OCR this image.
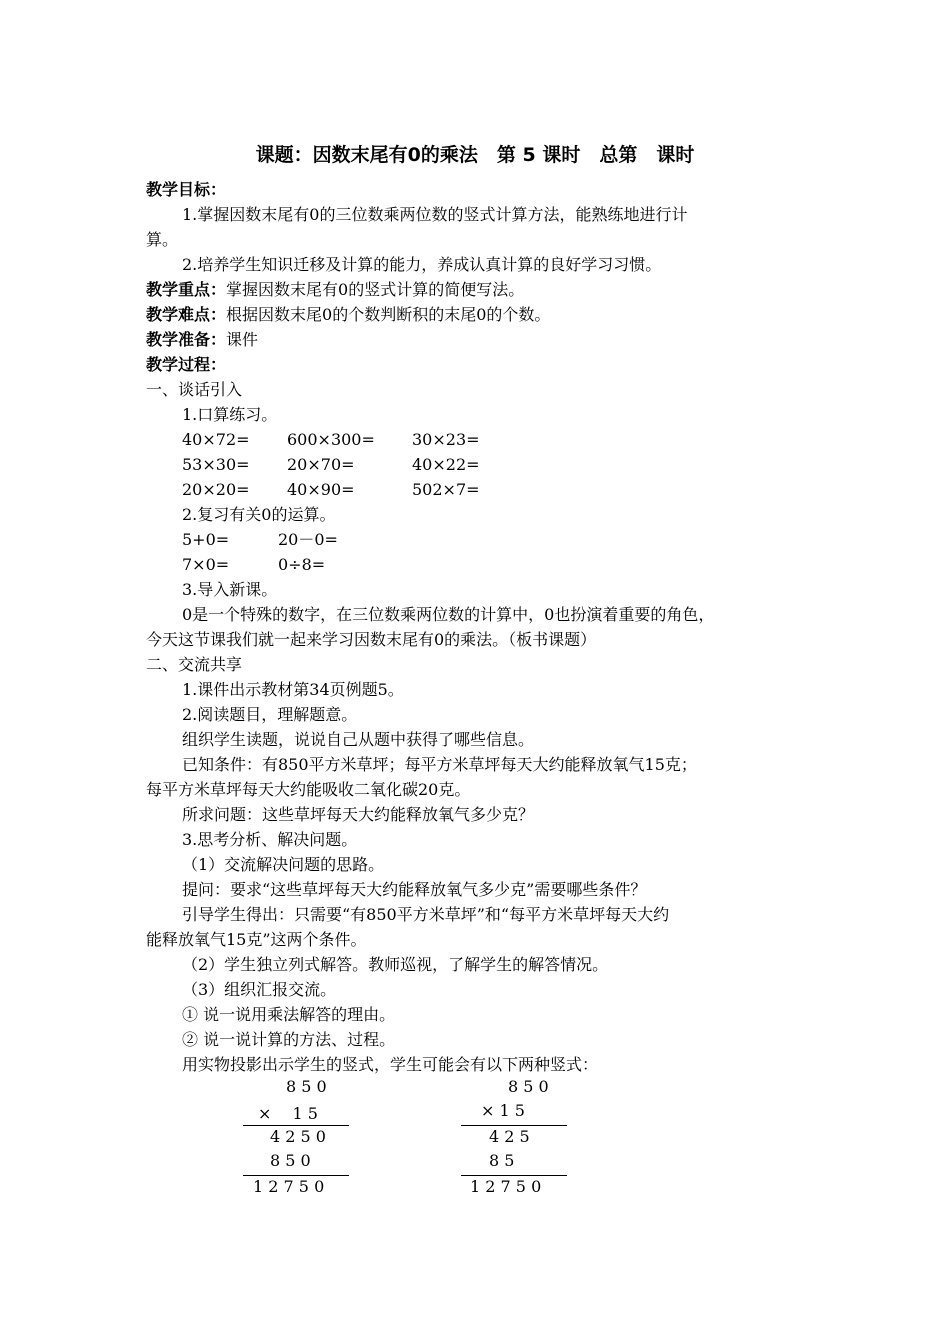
课题：因数末尾有0的乘法　第 5 课时　总第　课时
教学目标：
1.掌握因数末尾有0的三位数乘两位数的竖式计算方法，能熟练地进行计
算。
2.培养学生知识迁移及计算的能力，养成认真计算的良好学习习惯。
教学重点：掌握因数末尾有0的竖式计算的简便写法。
教学难点：根据因数末尾0的个数判断积的末尾0的个数。
教学准备：课件
教学过程：
一、谈话引入
1.口算练习。
40×72= 600×300= 30×23=
53×30= 20×70=	40×22=
20×20= 40×90=	502×7=
2.复习有关0的运算。
5+0=	20－0=
7×0=	0÷8=
3.导入新课。
0是一个特殊的数字，在三位数乘两位数的计算中，0也扮演着重要的角色，
今天这节课我们就一起来学习因数末尾有0的乘法。（板书课题）
二、交流共享
1.课件出示教材第34页例题5。
2.阅读题目，理解题意。
组织学生读题，说说自己从题中获得了哪些信息。
已知条件：有850平方米草坪；每平方米草坪每天大约能释放氧气15克；
每平方米草坪每天大约能吸收二氧化碳20克。
所求问题：这些草坪每天大约能释放氧气多少克？
3.思考分析、解决问题。
（1）交流解决问题的思路。
提问：要求“这些草坪每天大约能释放氧气多少克”需要哪些条件？
引导学生得出：只需要“有850平方米草坪”和“每平方米草坪每天大约
能释放氧气15克”这两个条件。
（2）学生独立列式解答。教师巡视，了解学生的解答情况。
（3）组织汇报交流。
① 说一说用乘法解答的理由。
② 说一说计算的方法、过程。
用实物投影出示学生的竖式，学生可能会有以下两种竖式：
8 5 0
×　 1 5
4 2 5 0
8 5 0
1 2 7 5 0
8 5 0
× 1 5
4 2 5
8 5
1 2 7 5 0
